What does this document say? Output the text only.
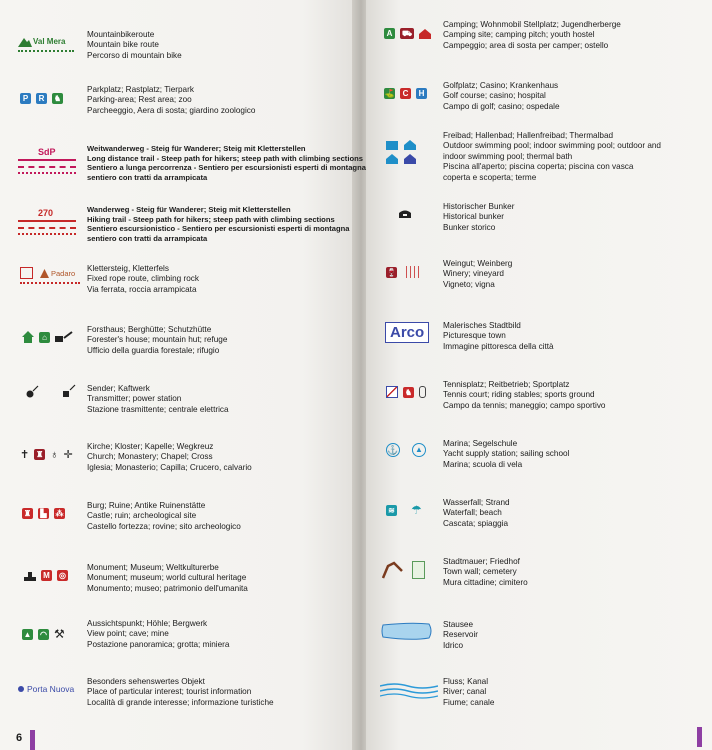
Val Mera
Mountainbikeroute
Mountain bike route
Percorso di mountain bike
P	R	♞
Parkplatz; Rastplatz; Tierpark
Parking-area; Rest area; zoo
Parcheeggio, Aera di sosta; giardino zoologico
SdP	Weitwanderweg - Steig für Wanderer; Steig mit Kletterstellen
Long distance trail - Steep path for hikers; steep path with climbing sections
Sentiero a lunga percorrenza - Sentiero per escursionisti esperti di montagna
sentiero con tratti da arrampicata
270	Wanderweg - Steig für Wanderer; Steig mit Kletterstellen
Hiking trail - Steep path for hikers; steep path with climbing sections
Sentiero escursionistico - Sentiero per escursionisti esperti di montagna
sentiero con tratti da arrampicata
Padaro
Klettersteig, Kletterfels
Fixed rope route, climbing rock
Via ferrata, roccia arrampicata
⌂
Forsthaus; Berghütte; Schutzhütte
Forester's house; mountain hut; refuge
Ufficio della guardia forestale; rifugio
Sender; Kaftwerk
Transmitter; power station
Stazione trasmittente; centrale elettrica
✝ ♜ ♁ ✛
Kirche; Kloster; Kapelle; Wegkreuz
Church; Monastery; Chapel; Cross
Iglesia; Monasterio; Capilla; Crucero, calvario
♜	▙	⁂
Burg; Ruine; Antike Ruinenstätte
Castle; ruin; archeological site
Castello fortezza; rovine; sito archeologico
M ◎
Monument; Museum; Weltkulturerbe
Monument; museum; world cultural heritage
Monumento; museo; patrimonio dell'umanita
▲ ◠ ⚒
Aussichtspunkt; Höhle; Bergwerk
View point; cave; mine
Postazione panoramica; grotta; miniera
Porta Nuova
Besonders sehenswertes Objekt
Place of particular interest; tourist information
Località di grande interesse; informazione turistiche
6
A	⛟
Camping; Wohnmobil Stellplatz; Jugendherberge
Camping site; camping pitch; youth hostel
Campeggio; area di sosta per camper; ostello
⛳	C	H
Golfplatz; Casino; Krankenhaus
Golf course; casino; hospital
Campo di golf; casino; ospedale
Freibad; Hallenbad; Hallenfreibad; Thermalbad
Outdoor swimming pool; indoor swimming pool; outdoor and
indoor swimming pool; thermal bath
Piscina all'aperto; piscina coperta; piscina con vasca
coperta e scoperta; terme
Historischer Bunker
Historical bunker
Bunker storico
🍷
Weingut; Weinberg
Winery; vineyard
Vigneto; vigna
Arco	Malerisches Stadtbild
Picturesque town
Immagine pittoresca della città
♞
Tennisplatz; Reitbetrieb; Sportplatz
Tennis court; riding stables; sports ground
Campo da tennis; maneggio; campo sportivo
⚓	▲
Marina; Segelschule
Yacht supply station; sailing school
Marina; scuola di vela
≋ ☂
Wasserfall; Strand
Waterfall; beach
Cascata; spiaggia
Stadtmauer; Friedhof
Town wall; cemetery
Mura cittadine; cimitero
Stausee
Reservoir
Idrico
Fluss; Kanal
River; canal
Fiume; canale
